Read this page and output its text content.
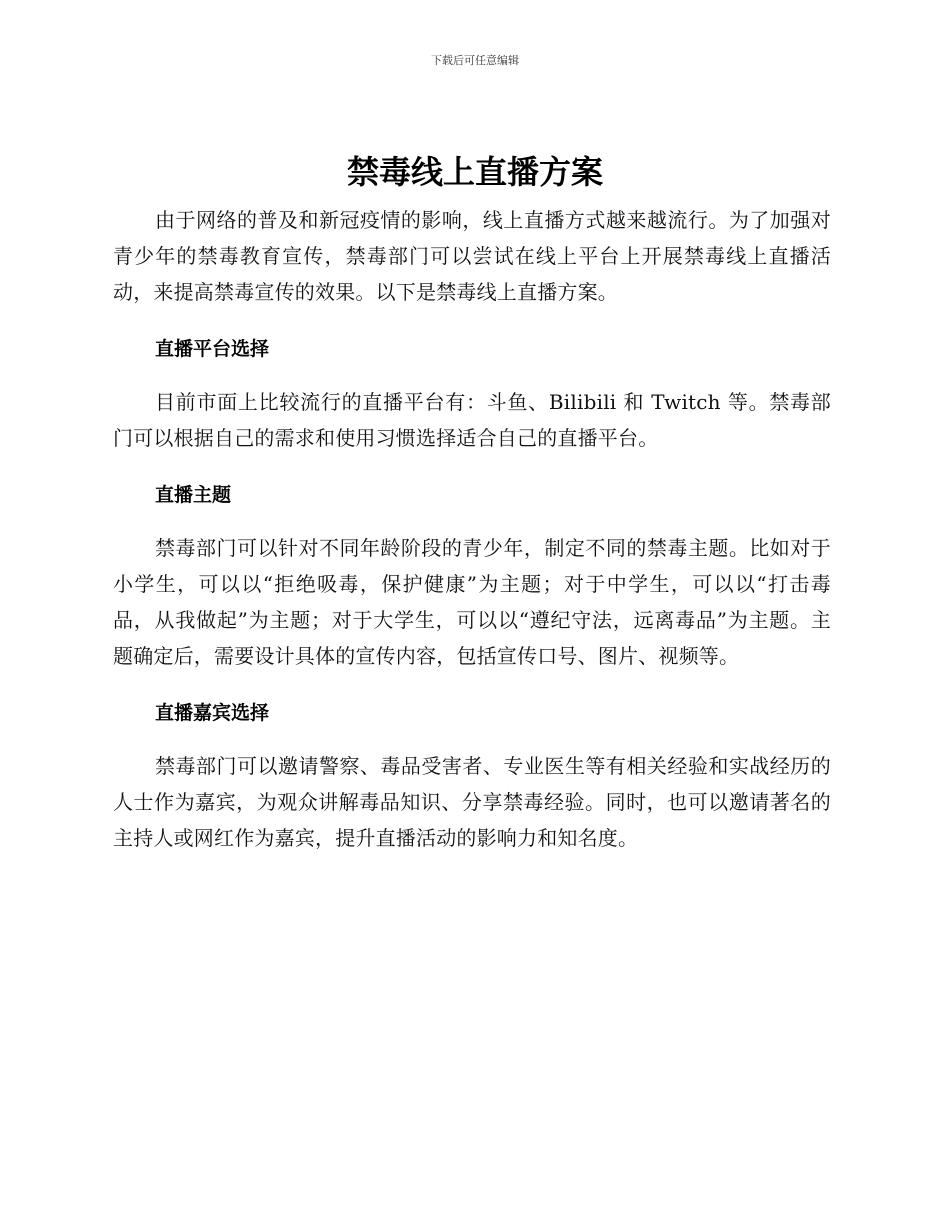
下载后可任意编辑
禁毒线上直播方案

由于网络的普及和新冠疫情的影响，线上直播方式越来越流行。为了加强对青少年的禁毒教育宣传，禁毒部门可以尝试在线上平台上开展禁毒线上直播活动，来提高禁毒宣传的效果。以下是禁毒线上直播方案。

直播平台选择

目前市面上比较流行的直播平台有：斗鱼、Bilibili 和 Twitch 等。禁毒部门可以根据自己的需求和使用习惯选择适合自己的直播平台。

直播主题

禁毒部门可以针对不同年龄阶段的青少年，制定不同的禁毒主题。比如对于小学生，可以以“拒绝吸毒，保护健康”为主题；对于中学生，可以以“打击毒品，从我做起”为主题；对于大学生，可以以“遵纪守法，远离毒品”为主题。主题确定后，需要设计具体的宣传内容，包括宣传口号、图片、视频等。

直播嘉宾选择

禁毒部门可以邀请警察、毒品受害者、专业医生等有相关经验和实战经历的人士作为嘉宾，为观众讲解毒品知识、分享禁毒经验。同时，也可以邀请著名的主持人或网红作为嘉宾，提升直播活动的影响力和知名度。
